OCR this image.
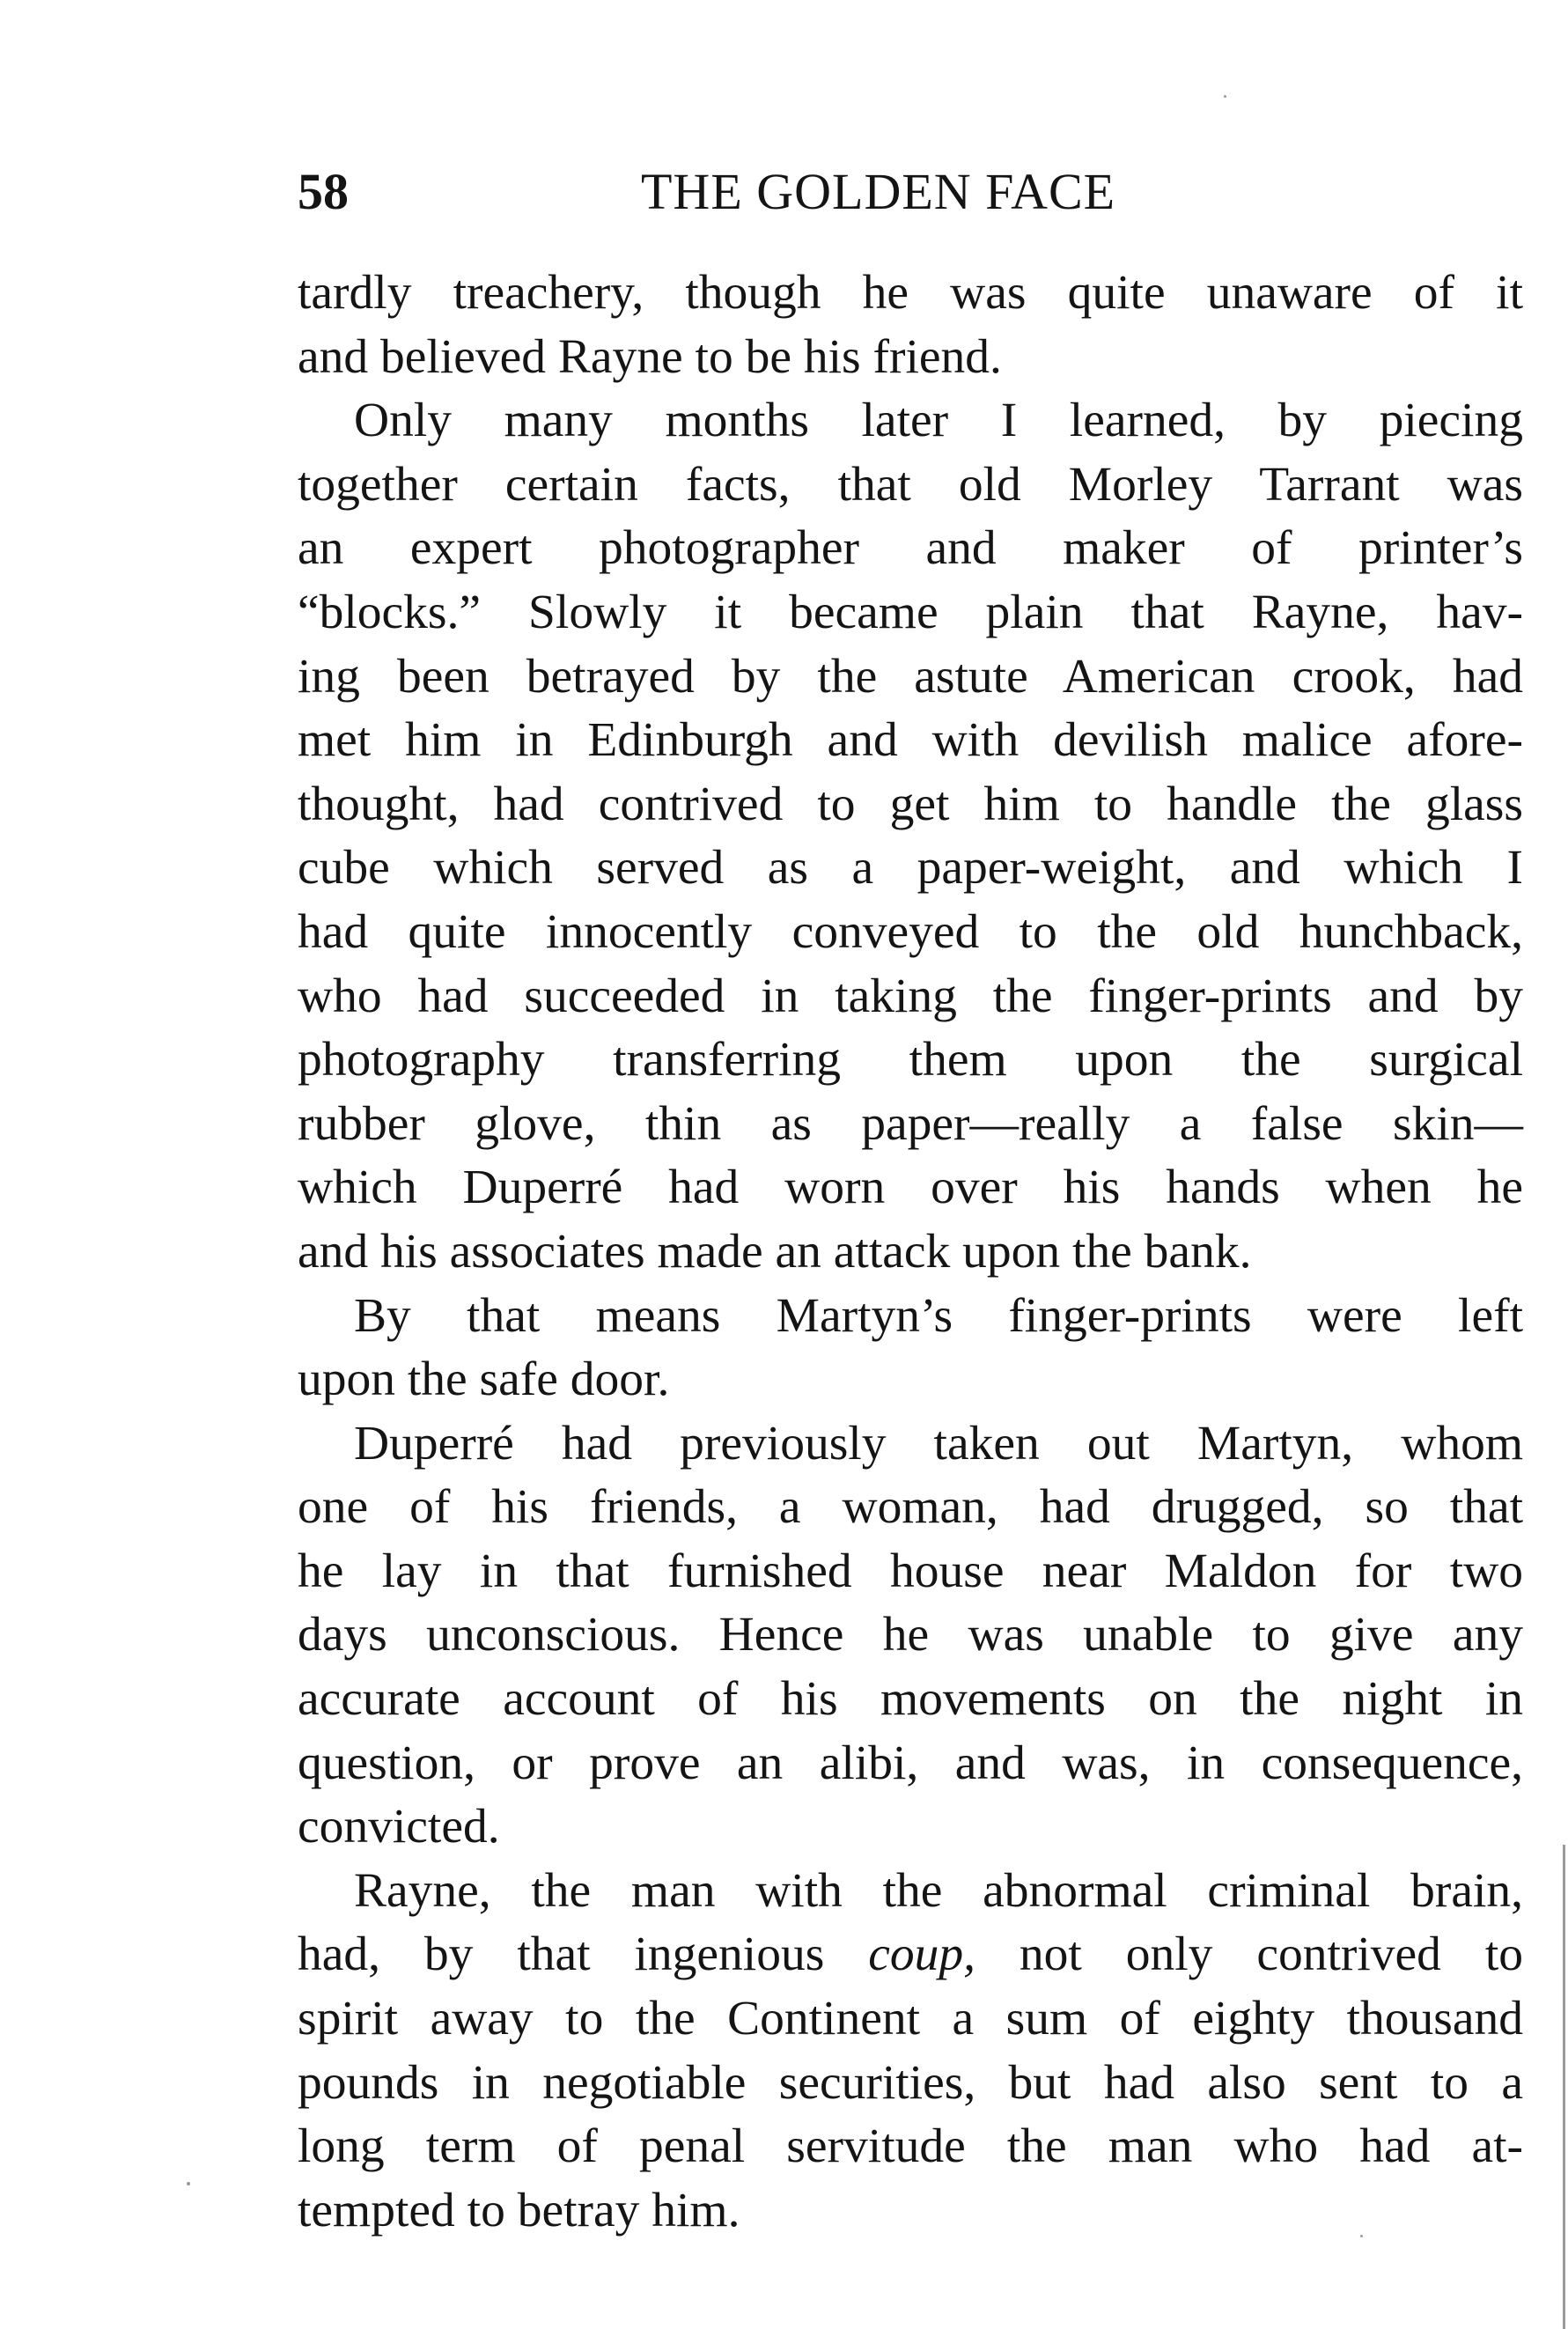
58	THE GOLDEN FACE

tardly treachery, though he was quite unaware of it
and believed Rayne to be his friend.

Only many months later I learned, by piecing
together certain facts, that old Morley Tarrant was
an expert photographer and maker of printer’s
“blocks.” Slowly it became plain that Rayne, hav-
ing been betrayed by the astute American crook, had
met him in Edinburgh and with devilish malice afore-
thought, had contrived to get him to handle the glass
cube which served as a paper-weight, and which I
had quite innocently conveyed to the old hunchback,
who had succeeded in taking the finger-prints and by
photography transferring them upon the surgical
rubber glove, thin as paper—really a false skin—
which Duperré had worn over his hands when he
and his associates made an attack upon the bank.

By that means Martyn’s finger-prints were left
upon the safe door.

Duperré had previously taken out Martyn, whom
one of his friends, a woman, had drugged, so that
he lay in that furnished house near Maldon for two
days unconscious. Hence he was unable to give any
accurate account of his movements on the night in
question, or prove an alibi, and was, in consequence,
convicted.

Rayne, the man with the abnormal criminal brain,
had, by that ingenious coup, not only contrived to
spirit away to the Continent a sum of eighty thousand
pounds in negotiable securities, but had also sent to a
long term of penal servitude the man who had at-
tempted to betray him.
